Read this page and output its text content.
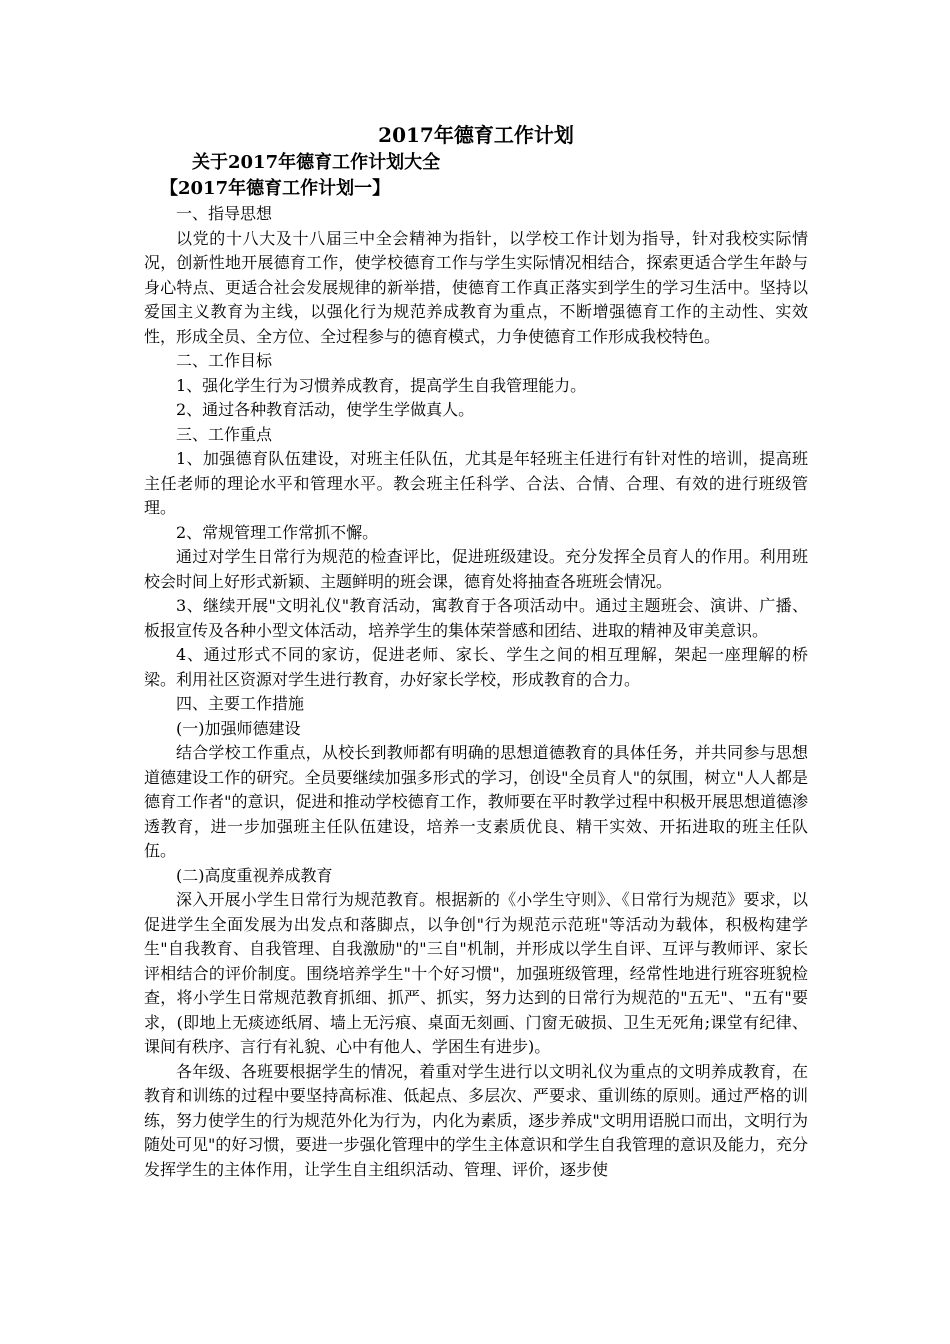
2017年德育工作计划
关于2017年德育工作计划大全
【2017年德育工作计划一】

一、指导思想

以党的十八大及十八届三中全会精神为指针，以学校工作计划为指导，针对我校实际情况，创新性地开展德育工作，使学校德育工作与学生实际情况相结合，探索更适合学生年龄与身心特点、更适合社会发展规律的新举措，使德育工作真正落实到学生的学习生活中。坚持以爱国主义教育为主线，以强化行为规范养成教育为重点，不断增强德育工作的主动性、实效性，形成全员、全方位、全过程参与的德育模式，力争使德育工作形成我校特色。

二、工作目标

1、强化学生行为习惯养成教育，提高学生自我管理能力。

2、通过各种教育活动，使学生学做真人。

三、工作重点

1、加强德育队伍建设，对班主任队伍，尤其是年轻班主任进行有针对性的培训，提高班主任老师的理论水平和管理水平。教会班主任科学、合法、合情、合理、有效的进行班级管理。

2、常规管理工作常抓不懈。

通过对学生日常行为规范的检查评比，促进班级建设。充分发挥全员育人的作用。利用班校会时间上好形式新颖、主题鲜明的班会课，德育处将抽查各班班会情况。

3、继续开展"文明礼仪"教育活动，寓教育于各项活动中。通过主题班会、演讲、广播、板报宣传及各种小型文体活动，培养学生的集体荣誉感和团结、进取的精神及审美意识。

4、通过形式不同的家访，促进老师、家长、学生之间的相互理解，架起一座理解的桥梁。利用社区资源对学生进行教育，办好家长学校，形成教育的合力。

四、主要工作措施

(一)加强师德建设

结合学校工作重点，从校长到教师都有明确的思想道德教育的具体任务，并共同参与思想道德建设工作的研究。全员要继续加强多形式的学习，创设"全员育人"的氛围，树立"人人都是德育工作者"的意识，促进和推动学校德育工作，教师要在平时教学过程中积极开展思想道德渗透教育，进一步加强班主任队伍建设，培养一支素质优良、精干实效、开拓进取的班主任队伍。

(二)高度重视养成教育

深入开展小学生日常行为规范教育。根据新的《小学生守则》、《日常行为规范》要求，以促进学生全面发展为出发点和落脚点，以争创"行为规范示范班"等活动为载体，积极构建学生"自我教育、自我管理、自我激励"的"三自"机制，并形成以学生自评、互评与教师评、家长评相结合的评价制度。围绕培养学生"十个好习惯"，加强班级管理，经常性地进行班容班貌检查，将小学生日常规范教育抓细、抓严、抓实，努力达到的日常行为规范的"五无"、"五有"要求，(即地上无痰迹纸屑、墙上无污痕、桌面无刻画、门窗无破损、卫生无死角;课堂有纪律、课间有秩序、言行有礼貌、心中有他人、学困生有进步)。

各年级、各班要根据学生的情况，着重对学生进行以文明礼仪为重点的文明养成教育，在教育和训练的过程中要坚持高标准、低起点、多层次、严要求、重训练的原则。通过严格的训练，努力使学生的行为规范外化为行为，内化为素质，逐步养成"文明用语脱口而出，文明行为随处可见"的好习惯，要进一步强化管理中的学生主体意识和学生自我管理的意识及能力，充分发挥学生的主体作用，让学生自主组织活动、管理、评价，逐步使
